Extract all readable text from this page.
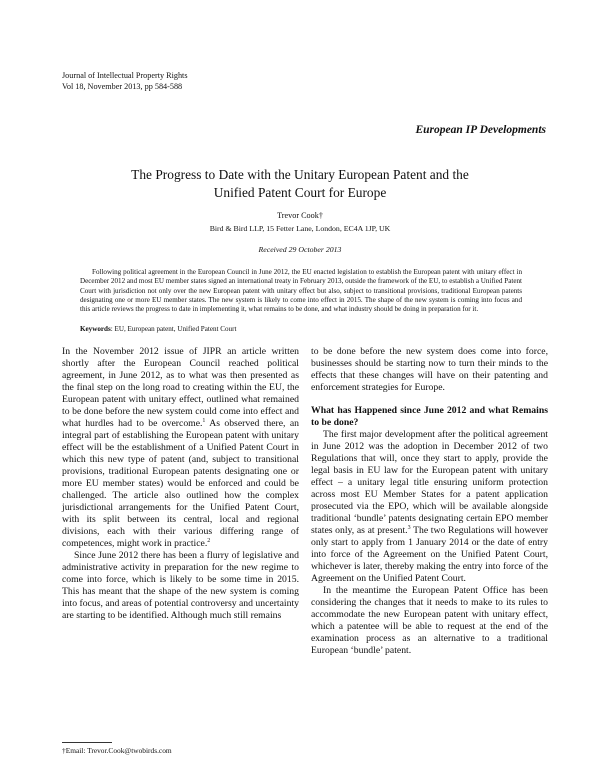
Journal of Intellectual Property Rights
Vol 18, November 2013, pp 584-588
European IP Developments
The Progress to Date with the Unitary European Patent and the
Unified Patent Court for Europe
Trevor Cook†
Bird & Bird LLP, 15 Fetter Lane, London, EC4A 1JP, UK
Received 29 October 2013

Following political agreement in the European Council in June 2012, the EU enacted legislation to establish the European patent with unitary effect in December 2012 and most EU member states signed an international treaty in February 2013, outside the framework of the EU, to establish a Unified Patent Court with jurisdiction not only over the new European patent with unitary effect but also, subject to transitional provisions, traditional European patents designating one or more EU member states. The new system is likely to come into effect in 2015. The shape of the new system is coming into focus and this article reviews the progress to date in implementing it, what remains to be done, and what industry should be doing in preparation for it.

Keywords: EU, European patent, Unified Patent Court

In the November 2012 issue of JIPR an article written shortly after the European Council reached political agreement, in June 2012, as to what was then presented as the final step on the long road to creating within the EU, the European patent with unitary effect, outlined what remained to be done before the new system could come into effect and what hurdles had to be overcome.$^1$ As observed there, an integral part of establishing the European patent with unitary effect will be the establishment of a Unified Patent Court in which this new type of patent (and, subject to transitional provisions, traditional European patents designating one or more EU member states) would be enforced and could be challenged. The article also outlined how the complex jurisdictional arrangements for the Unified Patent Court, with its split between its central, local and regional divisions, each with their various differing range of competences, might work in practice.$^2$

Since June 2012 there has been a flurry of legislative and administrative activity in preparation for the new regime to come into force, which is likely to be some time in 2015. This has meant that the shape of the new system is coming into focus, and areas of potential controversy and uncertainty are starting to be identified. Although much still remains

to be done before the new system does come into force, businesses should be starting now to turn their minds to the effects that these changes will have on their patenting and enforcement strategies for Europe.

What has Happened since June 2012 and what Remains to be done?

The first major development after the political agreement in June 2012 was the adoption in December 2012 of two Regulations that will, once they start to apply, provide the legal basis in EU law for the European patent with unitary effect – a unitary legal title ensuring uniform protection across most EU Member States for a patent application prosecuted via the EPO, which will be available alongside traditional ‘bundle’ patents designating certain EPO member states only, as at present.$^3$ The two Regulations will however only start to apply from 1 January 2014 or the date of entry into force of the Agreement on the Unified Patent Court, whichever is later, thereby making the entry into force of the Agreement on the Unified Patent Court.

In the meantime the European Patent Office has been considering the changes that it needs to make to its rules to accommodate the new European patent with unitary effect, which a patentee will be able to request at the end of the examination process as an alternative to a traditional European ‘bundle’ patent.

†Email: Trevor.Cook@twobirds.com
